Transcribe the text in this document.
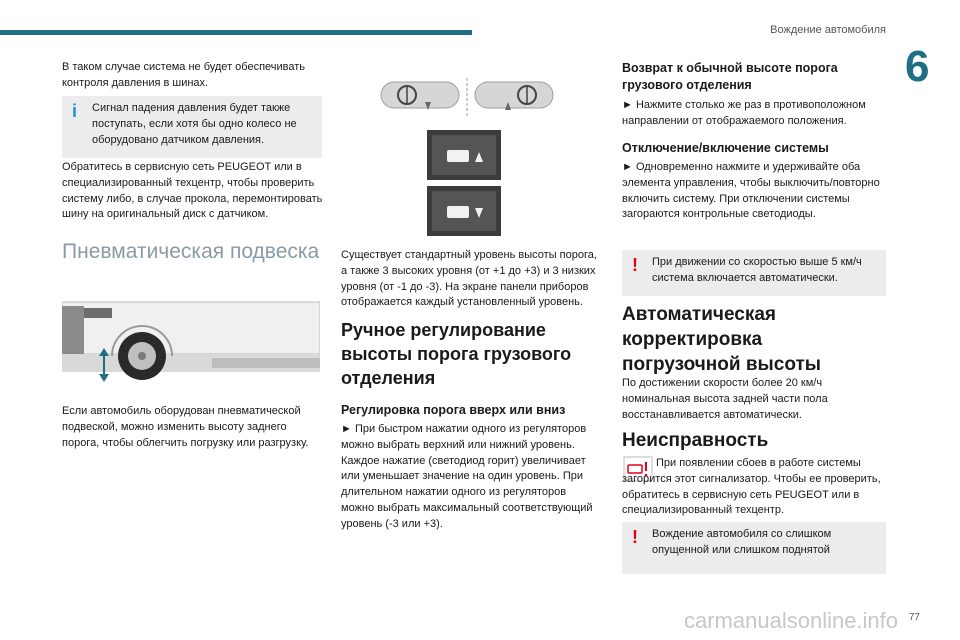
Вождение автомобиля
6

В таком случае система не будет обеспечивать контроля давления в шинах.

i	Сигнал падения давления будет также поступать, если хотя бы одно колесо не оборудовано датчиком давления.

Обратитесь в сервисную сеть PEUGEOT или в специализированный техцентр, чтобы проверить систему либо, в случае прокола, перемонтировать шину на оригинальный диск с датчиком.

Пневматическая подвеска

Если автомобиль оборудован пневматической подвеской, можно изменить высоту заднего порога, чтобы облегчить погрузку или разгрузку.

Существует стандартный уровень высоты порога, а также 3 высоких уровня (от +1 до +3) и 3 низких уровня (от -1 до -3). На экране панели приборов отображается каждый установленный уровень.

Ручное регулирование высоты порога грузового отделения
Регулировка порога вверх или вниз

► При быстром нажатии одного из регуляторов можно выбрать верхний или нижний уровень. Каждое нажатие (светодиод горит) увеличивает или уменьшает значение на один уровень. При длительном нажатии одного из регуляторов можно выбрать максимальный соответствующий уровень (-3 или +3).

Возврат к обычной высоте порога грузового отделения

► Нажмите столько же раз в противоположном направлении от отображаемого положения.

Отключение/включение системы

► Одновременно нажмите и удерживайте оба элемента управления, чтобы выключить/повторно включить систему. При отключении системы загораются контрольные светодиоды.

!	При движении со скоростью выше 5 км/ч система включается автоматически.
Автоматическая корректировка погрузочной высоты

По достижении скорости более 20 км/ч номинальная высота задней части пола восстанавливается автоматически.

Неисправность

При появлении сбоев в работе системы загорится этот сигнализатор. Чтобы ее проверить, обратитесь в сервисную сеть PEUGEOT или в специализированный техцентр.

!	Вождение автомобиля со слишком опущенной или слишком поднятой
carmanualsonline.info 77
